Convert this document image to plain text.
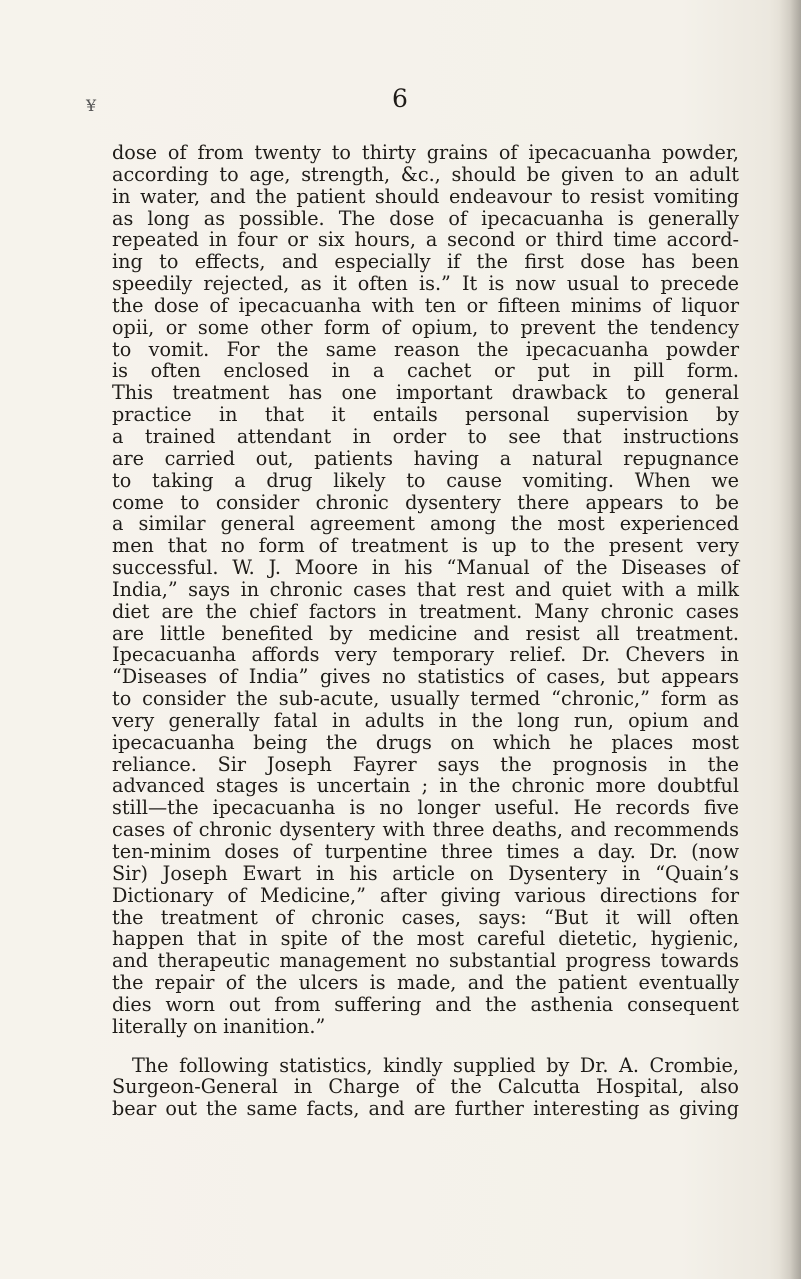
¥	6
dose of from twenty to thirty grains of ipecacuanha powder,
according to age, strength, &c., should be given to an adult
in water, and the patient should endeavour to resist vomiting
as long as possible. The dose of ipecacuanha is generally
repeated in four or six hours, a second or third time accord-
ing to effects, and especially if the first dose has been
speedily rejected, as it often is.” It is now usual to precede
the dose of ipecacuanha with ten or fifteen minims of liquor
opii, or some other form of opium, to prevent the tendency
to vomit. For the same reason the ipecacuanha powder
is often enclosed in a cachet or put in pill form.
This treatment has one important drawback to general
practice in that it entails personal supervision by
a trained attendant in order to see that instructions
are carried out, patients having a natural repugnance
to taking a drug likely to cause vomiting. When we
come to consider chronic dysentery there appears to be
a similar general agreement among the most experienced
men that no form of treatment is up to the present very
successful. W. J. Moore in his “Manual of the Diseases of
India,” says in chronic cases that rest and quiet with a milk
diet are the chief factors in treatment. Many chronic cases
are little benefited by medicine and resist all treatment.
Ipecacuanha affords very temporary relief. Dr. Chevers in
“Diseases of India” gives no statistics of cases, but appears
to consider the sub-acute, usually termed “chronic,” form as
very generally fatal in adults in the long run, opium and
ipecacuanha being the drugs on which he places most
reliance. Sir Joseph Fayrer says the prognosis in the
advanced stages is uncertain ; in the chronic more doubtful
still—the ipecacuanha is no longer useful. He records five
cases of chronic dysentery with three deaths, and recommends
ten-minim doses of turpentine three times a day. Dr. (now
Sir) Joseph Ewart in his article on Dysentery in “Quain’s
Dictionary of Medicine,” after giving various directions for
the treatment of chronic cases, says: “But it will often
happen that in spite of the most careful dietetic, hygienic,
and therapeutic management no substantial progress towards
the repair of the ulcers is made, and the patient eventually
dies worn out from suffering and the asthenia consequent
literally on inanition.”
The following statistics, kindly supplied by Dr. A. Crombie,
Surgeon-General in Charge of the Calcutta Hospital, also
bear out the same facts, and are further interesting as giving
